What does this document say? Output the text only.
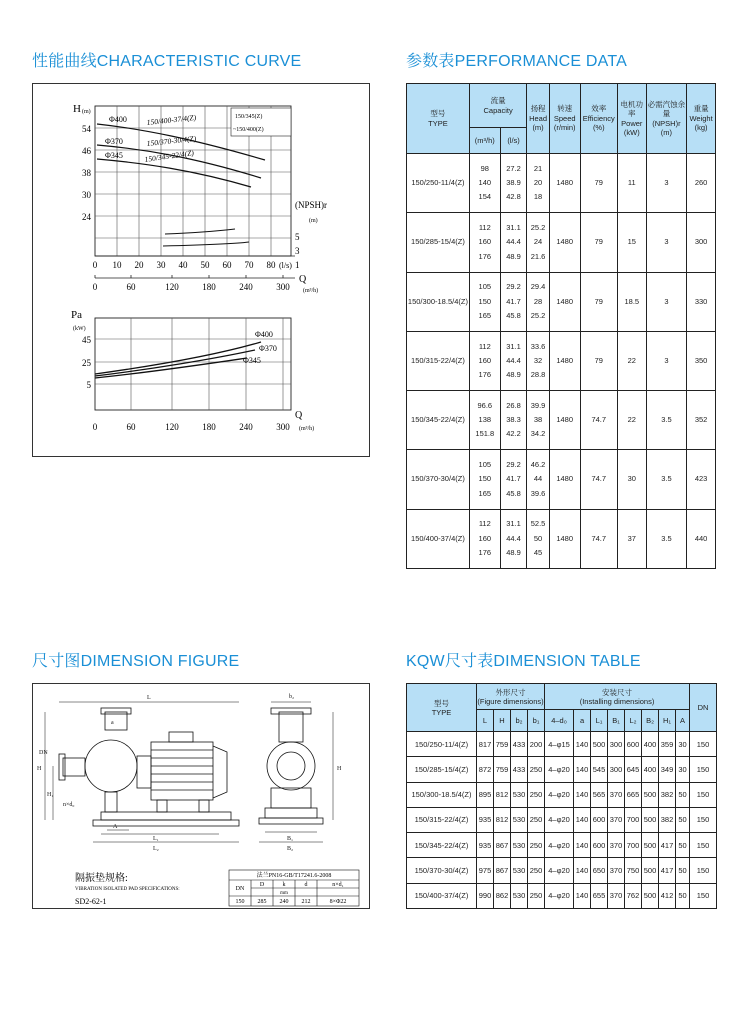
性能曲线CHARACTERISTIC CURVE	参数表PERFORMANCE DATA
尺寸图DIMENSION FIGURE	KQW尺寸表DIMENSION TABLE
150/345(Z)
~150/400(Z)
Φ400
Φ370
Φ345
150/400-37/4(Z)
150/370-30/4(Z)
150/345-22/4(Z)
H (m)
54
46
38
30
24
(NPSH)r
(m)
5
3
1
0 10 20 30 40 50 60 70 80 (l/s)
0	60	120	180	240	300
Q
(m³/h)
Φ400
Φ370
Φ345
Pa
(kW)
45
25
5
0	60	120	180	240	300
Q
(m³/h)
型号
TYPE	流量
Capacity		扬程
Head
(m)	转速
Speed
(r/min)	效率
Efficiency
(%)	电机功率
Power
(kW)	必需汽蚀余量
(NPSH)r
(m)	重量
Weight
(kg)

	(m³/h)	(l/s)						
150/250-11/4(Z)	98
140
154	27.2
38.9
42.8	21
20
18	1480	79	11	3	260
150/285-15/4(Z)	112
160
176	31.1
44.4
48.9	25.2
24
21.6	1480	79	15	3	300
150/300-18.5/4(Z)	105
150
165	29.2
41.7
45.8	29.4
28
25.2	1480	79	18.5	3	330
150/315-22/4(Z)	112
160
176	31.1
44.4
48.9	33.6
32
28.8	1480	79	22	3	350
150/345-22/4(Z)	96.6
138
151.8	26.8
38.3
42.2	39.9
38
34.2	1480	74.7	22	3.5	352
150/370-30/4(Z)	105
150
165	29.2
41.7
45.8	46.2
44
39.6	1480	74.7	30	3.5	423
150/400-37/4(Z)	112
160
176	31.1
44.4
48.9	52.5
50
45	1480	74.7	37	3.5	440
L
L₁
L₂
A
H
H₁
a
n×d₀
DN
b₂
B₁
B₂
H
隔振垫规格:
VIBRATION ISOLATED PAD SPECIFICATIONS:
SD2-62-1
法兰PN16-GB/T17241.6-2008
DN
D	k	d	n×d₁
mm
150 285 240 212	8×Φ22
型号
TYPE	外形尺寸
(Figure dimensions)				安装尺寸
(Installing dimensions)								DN
	L	H	b₂	b₁	4–d₀	a	L₁	B₁	L₂	B₂	H₁	A	
150/250-11/4(Z)	817	759	433	200	4–φ15	140	500	300	600	400	359	30	150
150/285-15/4(Z)	872	759	433	250	4–φ20	140	545	300	645	400	349	30	150
150/300-18.5/4(Z)	895	812	530	250	4–φ20	140	565	370	665	500	382	50	150
150/315-22/4(Z)	935	812	530	250	4–φ20	140	600	370	700	500	382	50	150
150/345-22/4(Z)	935	867	530	250	4–φ20	140	600	370	700	500	417	50	150
150/370-30/4(Z)	975	867	530	250	4–φ20	140	650	370	750	500	417	50	150
150/400-37/4(Z)	990	862	530	250	4–φ20	140	655	370	762	500	412	50	150
